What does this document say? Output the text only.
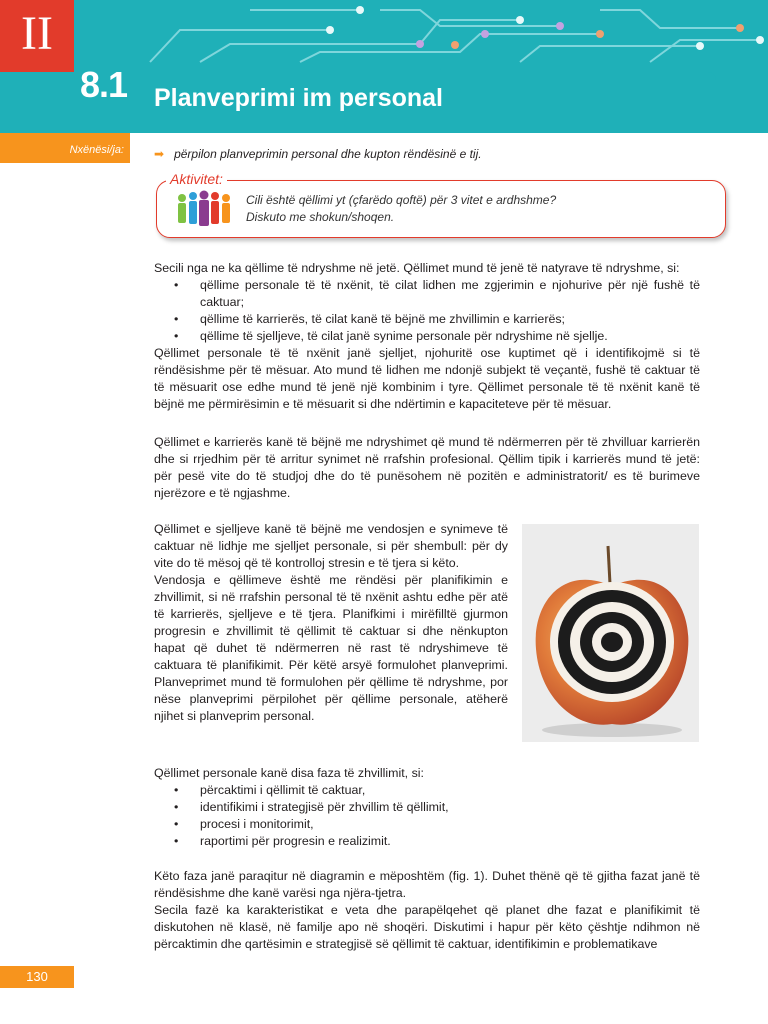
II
8.1 Planveprimi im personal
Nxënësi/ja:	➡ përpilon planveprimin personal dhe kupton rëndësinë e tij.
Aktivitet:
Cili është qëllimi yt (çfarëdo qoftë) për 3 vitet e ardhshme?
Diskuto me shokun/shoqen.

Secili nga ne ka qëllime të ndryshme në jetë. Qëllimet mund të jenë të natyrave të ndryshme, si:

• qëllime personale të të nxënit, të cilat lidhen me zgjerimin e njohurive për një fushë të caktuar;
• qëllime të karrierës, të cilat kanë të bëjnë me zhvillimin e karrierës;
• qëllime të sjelljeve, të cilat janë synime personale për ndryshime në sjellje.

Qëllimet personale të të nxënit janë sjelljet, njohuritë ose kuptimet që i identifikojmë si të rëndësishme për të mësuar. Ato mund të lidhen me ndonjë subjekt të veçantë, fushë të caktuar të të mësuarit ose edhe mund të jenë një kombinim i tyre. Qëllimet personale të të nxënit kanë të bëjnë me përmirësimin e të mësuarit si dhe ndërtimin e kapaciteteve për të mësuar.

Qëllimet e karrierës kanë të bëjnë me ndryshimet që mund të ndërmerren për të zhvilluar karrierën dhe si rrjedhim për të arritur synimet në rrafshin profesional. Qëllim tipik i karrierës mund të jetë: për pesë vite do të studjoj dhe do të punësohem në pozitën e administratorit/ es të burimeve njerëzore e të ngjashme.

Qëllimet e sjelljeve kanë të bëjnë me vendosjen e synimeve të caktuar në lidhje me sjelljet personale, si për shembull: për dy vite do të mësoj që të kontrolloj stresin e të tjera si këto.

Vendosja e qëllimeve është me rëndësi për planifikimin e zhvillimit, si në rrafshin personal të të nxënit ashtu edhe për atë të karrierës, sjelljeve e të tjera. Planifkimi i mirëfilltë gjurmon progresin e zhvillimit të qëllimit të caktuar si dhe nënkupton hapat që duhet të ndërmerren në rast të ndryshimeve të caktuara të planifikimit. Për këtë arsyë formulohet planveprimi. Planveprimet mund të formulohen për qëllime të ndryshme, por nëse planveprimi përpilohet për qëllime personale, atëherë njihet si planveprim personal.

Qëllimet personale kanë disa faza të zhvillimit, si:

• përcaktimi i qëllimit të caktuar,
• identifikimi i strategjisë për zhvillim të qëllimit,
• procesi i monitorimit,
• raportimi për progresin e realizimit.

Këto faza janë paraqitur në diagramin e mëposhtëm (fig. 1). Duhet thënë që të gjitha fazat janë të rëndësishme dhe kanë varësi nga njëra-tjetra.

Secila fazë ka karakteristikat e veta dhe parapëlqehet që planet dhe fazat e planifikimit të diskutohen në klasë, në familje apo në shoqëri. Diskutimi i hapur për këto çështje ndihmon në përcaktimin dhe qartësimin e strategjisë së qëllimit të caktuar, identifikimin e problematikave

130
